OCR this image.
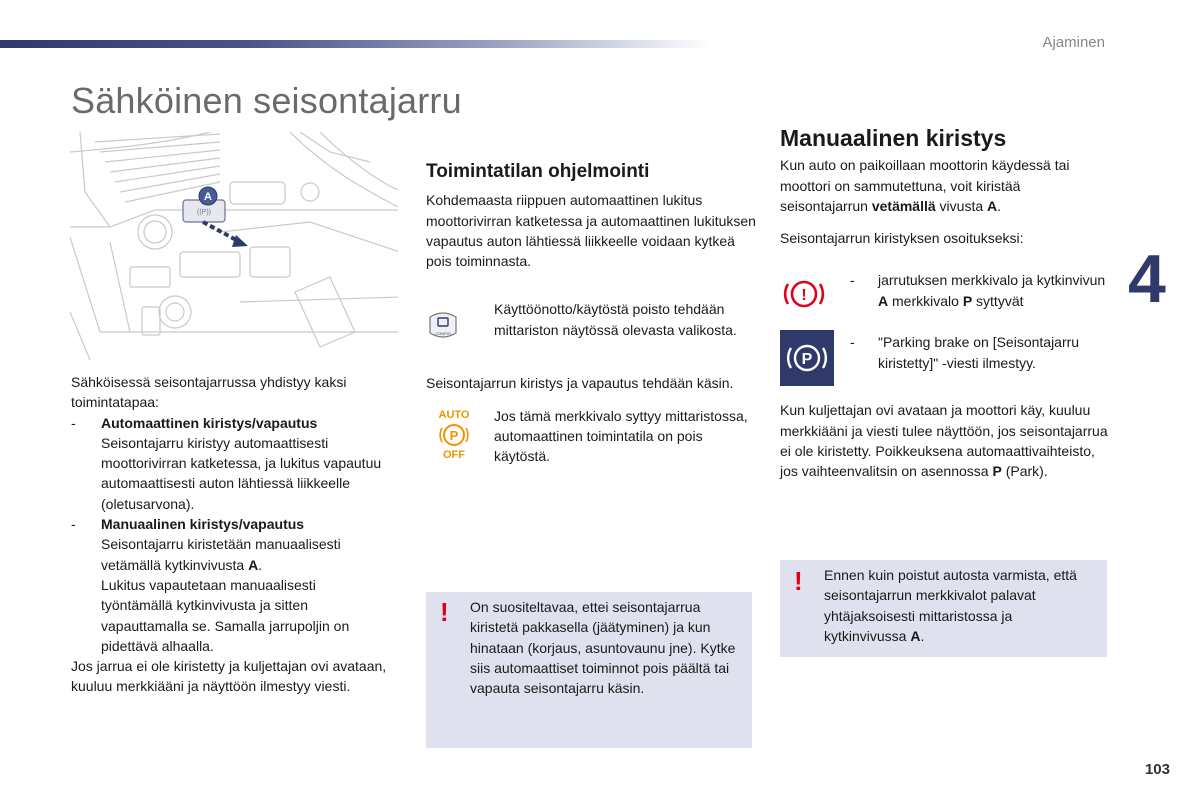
Ajaminen
Sähköinen seisontajarru
4
((P))
A

Sähköisessä seisontajarrussa yhdistyy kaksi toimintatapaa:

- Automaattinen kiristys/vapautus
Seisontajarru kiristyy automaattisesti moottorivirran katketessa, ja lukitus vapautuu automaattisesti auton lähtiessä liikkeelle (oletusarvona).
- Manuaalinen kiristys/vapautus
Seisontajarru kiristetään manuaalisesti vetämällä kytkinvivusta A.
Lukitus vapautetaan manuaalisesti työntämällä kytkinvivusta ja sitten vapauttamalla se. Samalla jarrupoljin on pidettävä alhaalla.

Jos jarrua ei ole kiristetty ja kuljettajan ovi avataan, kuuluu merkkiääni ja näyttöön ilmestyy viesti.

Toimintatilan ohjelmointi

Kohdemaasta riippuen automaattinen lukitus moottorivirran katketessa ja automaattinen lukituksen vapautus auton lähtiessä liikkeelle voidaan kytkeä pois toiminnasta.

CONFIG
Käyttöönotto/käytöstä poisto tehdään mittariston näytössä olevasta valikosta.

Seisontajarrun kiristys ja vapautus tehdään käsin.

AUTO
P
OFF
Jos tämä merkkivalo syttyy mittaristossa, automaattinen toimintatila on pois käytöstä.
! On suositeltavaa, ettei seisontajarrua kiristetä pakkasella (jäätyminen) ja kun hinataan (korjaus, asuntovaunu jne). Kytke siis automaattiset toiminnot pois päältä tai vapauta seisontajarru käsin.
Manuaalinen kiristys

Kun auto on paikoillaan moottorin käydessä tai moottori on sammutettuna, voit kiristää seisontajarrun vetämällä vivusta A.

Seisontajarrun kiristyksen osoitukseksi:

!
-	jarrutuksen merkkivalo ja kytkinvivun A merkkivalo P syttyvät
P
-	"Parking brake on [Seisontajarru kiristetty]" -viesti ilmestyy.

Kun kuljettajan ovi avataan ja moottori käy, kuuluu merkkiääni ja viesti tulee näyttöön, jos seisontajarrua ei ole kiristetty. Poikkeuksena automaattivaihteisto, jos vaihteenvalitsin on asennossa P (Park).

! Ennen kuin poistut autosta varmista, että seisontajarrun merkkivalot palavat yhtäjaksoisesti mittaristossa ja kytkinvivussa A.
103
